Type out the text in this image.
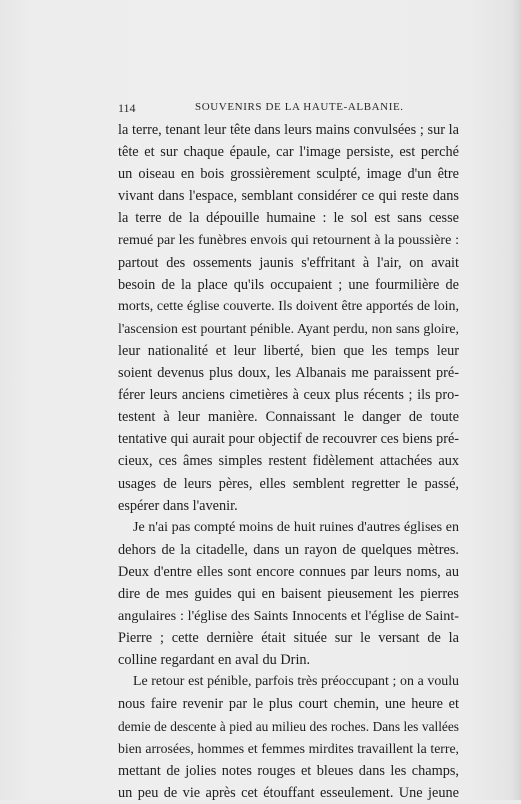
114	SOUVENIRS DE LA HAUTE-ALBANIE.
la terre, tenant leur tête dans leurs mains convulsées ; sur la
tête et sur chaque épaule, car l'image persiste, est perché
un oiseau en bois grossièrement sculpté, image d'un être
vivant dans l'espace, semblant considérer ce qui reste dans
la terre de la dépouille humaine : le sol est sans cesse
remué par les funèbres envois qui retournent à la poussière :
partout des ossements jaunis s'effritant à l'air, on avait
besoin de la place qu'ils occupaient ; une fourmilière de
morts, cette église couverte. Ils doivent être apportés de loin,
l'ascension est pourtant pénible. Ayant perdu, non sans gloire,
leur nationalité et leur liberté, bien que les temps leur
soient devenus plus doux, les Albanais me paraissent pré-
férer leurs anciens cimetières à ceux plus récents ; ils pro-
testent à leur manière. Connaissant le danger de toute
tentative qui aurait pour objectif de recouvrer ces biens pré-
cieux, ces âmes simples restent fidèlement attachées aux
usages de leurs pères, elles semblent regretter le passé,
espérer dans l'avenir.
Je n'ai pas compté moins de huit ruines d'autres églises en
dehors de la citadelle, dans un rayon de quelques mètres.
Deux d'entre elles sont encore connues par leurs noms, au
dire de mes guides qui en baisent pieusement les pierres
angulaires : l'église des Saints Innocents et l'église de Saint-
Pierre ; cette dernière était située sur le versant de la
colline regardant en aval du Drin.
Le retour est pénible, parfois très préoccupant ; on a voulu
nous faire revenir par le plus court chemin, une heure et
demie de descente à pied au milieu des roches. Dans les vallées
bien arrosées, hommes et femmes mirdites travaillent la terre,
mettant de jolies notes rouges et bleues dans les champs,
un peu de vie après cet étouffant esseulement. Une jeune
